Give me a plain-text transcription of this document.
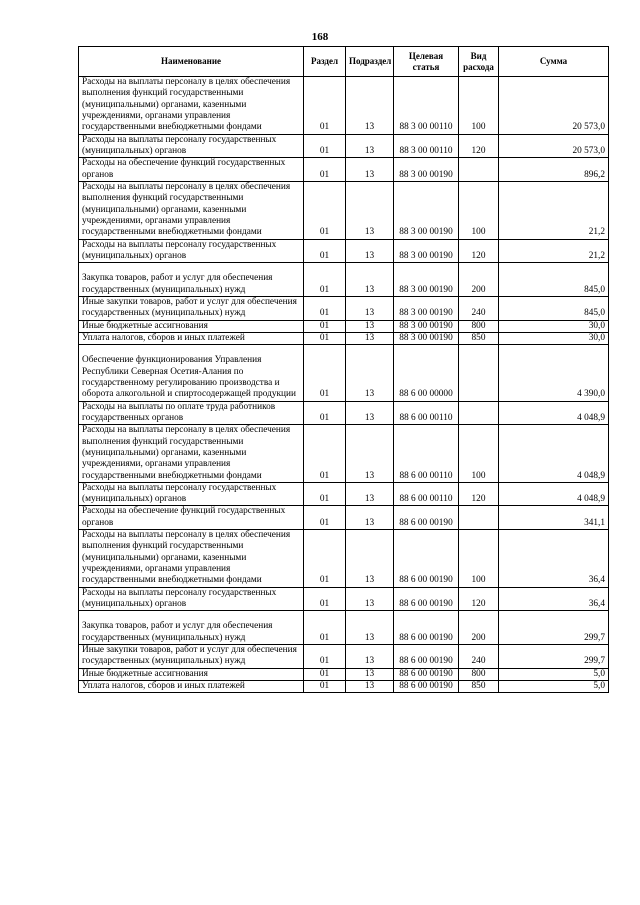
168
Наименование	Раздел	Подраздел	Целевая статья	Вид расхода	Сумма
Расходы на выплаты персоналу в целях обеспечения выполнения функций государственными (муниципальными) органами, казенными учреждениями, органами управления государственными внебюджетными фондами	01	13	88 3 00 00110	100	20 573,0
Расходы на выплаты персоналу государственных (муниципальных) органов	01	13	88 3 00 00110	120	20 573,0
Расходы на обеспечение функций государственных органов	01	13	88 3 00 00190		896,2
Расходы на выплаты персоналу в целях обеспечения выполнения функций государственными (муниципальными) органами, казенными учреждениями, органами управления государственными внебюджетными фондами	01	13	88 3 00 00190	100	21,2
Расходы на выплаты персоналу государственных (муниципальных) органов	01	13	88 3 00 00190	120	21,2

Закупка товаров, работ и услуг для обеспечения государственных (муниципальных) нужд	01	13	88 3 00 00190	200	845,0
Иные закупки товаров, работ и услуг для обеспечения государственных (муниципальных) нужд	01	13	88 3 00 00190	240	845,0
Иные бюджетные ассигнования	01	13	88 3 00 00190	800	30,0
Уплата налогов, сборов и иных платежей	01	13	88 3 00 00190	850	30,0

Обеспечение функционирования Управления Республики Северная Осетия-Алания по государственному регулированию производства и оборота алкогольной и спиртосодержащей продукции	01	13	88 6 00 00000		4 390,0
Расходы на выплаты по оплате труда работников государственных органов	01	13	88 6 00 00110		4 048,9
Расходы на выплаты персоналу в целях обеспечения выполнения функций государственными (муниципальными) органами, казенными учреждениями, органами управления государственными внебюджетными фондами	01	13	88 6 00 00110	100	4 048,9
Расходы на выплаты персоналу государственных (муниципальных) органов	01	13	88 6 00 00110	120	4 048,9
Расходы на обеспечение функций государственных органов	01	13	88 6 00 00190		341,1
Расходы на выплаты персоналу в целях обеспечения выполнения функций государственными (муниципальными) органами, казенными учреждениями, органами управления государственными внебюджетными фондами	01	13	88 6 00 00190	100	36,4
Расходы на выплаты персоналу государственных (муниципальных) органов	01	13	88 6 00 00190	120	36,4

Закупка товаров, работ и услуг для обеспечения государственных (муниципальных) нужд	01	13	88 6 00 00190	200	299,7
Иные закупки товаров, работ и услуг для обеспечения государственных (муниципальных) нужд	01	13	88 6 00 00190	240	299,7
Иные бюджетные ассигнования	01	13	88 6 00 00190	800	5,0
Уплата налогов, сборов и иных платежей	01	13	88 6 00 00190	850	5,0
